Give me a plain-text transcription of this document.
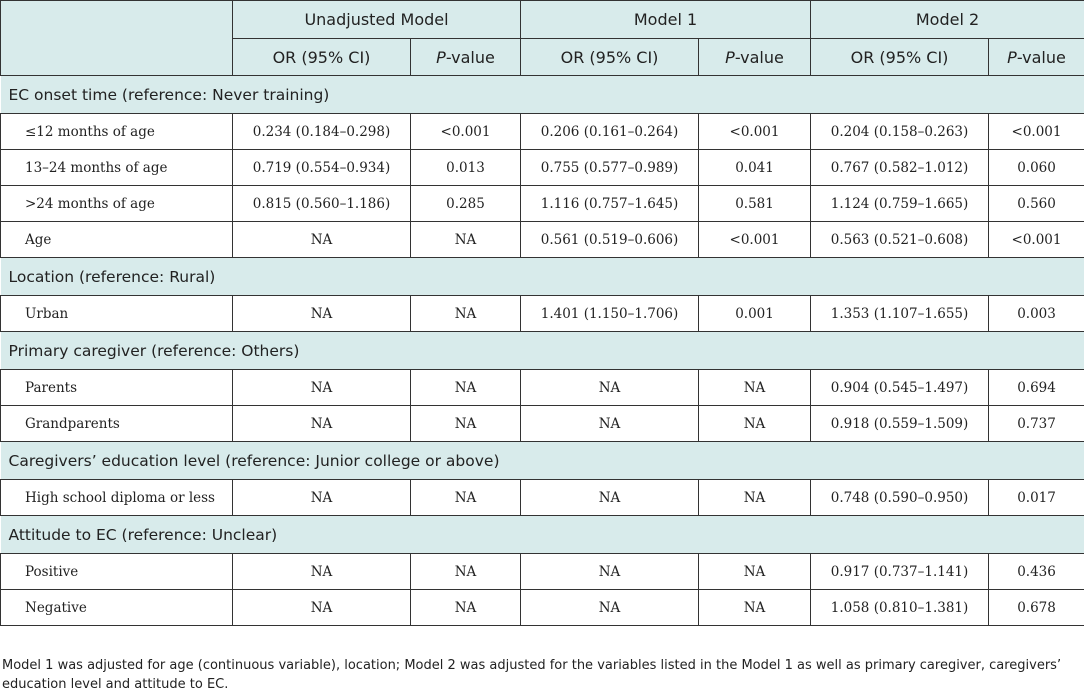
	Unadjusted Model		Model 1		Model 2	
	OR (95% CI)	P-value	OR (95% CI)	P-value	OR (95% CI)	P-value
EC onset time (reference: Never training)						
≤12 months of age	0.234 (0.184–0.298)	<0.001	0.206 (0.161–0.264)	<0.001	0.204 (0.158–0.263)	<0.001
13–24 months of age	0.719 (0.554–0.934)	0.013	0.755 (0.577–0.989)	0.041	0.767 (0.582–1.012)	0.060
>24 months of age	0.815 (0.560–1.186)	0.285	1.116 (0.757–1.645)	0.581	1.124 (0.759–1.665)	0.560
Age	NA	NA	0.561 (0.519–0.606)	<0.001	0.563 (0.521–0.608)	<0.001
Location (reference: Rural)						
Urban	NA	NA	1.401 (1.150–1.706)	0.001	1.353 (1.107–1.655)	0.003
Primary caregiver (reference: Others)						
Parents	NA	NA	NA	NA	0.904 (0.545–1.497)	0.694
Grandparents	NA	NA	NA	NA	0.918 (0.559–1.509)	0.737
Caregivers’ education level (reference: Junior college or above)						
High school diploma or less	NA	NA	NA	NA	0.748 (0.590–0.950)	0.017
Attitude to EC (reference: Unclear)						
Positive	NA	NA	NA	NA	0.917 (0.737–1.141)	0.436
Negative	NA	NA	NA	NA	1.058 (0.810–1.381)	0.678
Model 1 was adjusted for age (continuous variable), location; Model 2 was adjusted for the variables listed in the Model 1 as well as primary caregiver, caregivers’
education level and attitude to EC.
